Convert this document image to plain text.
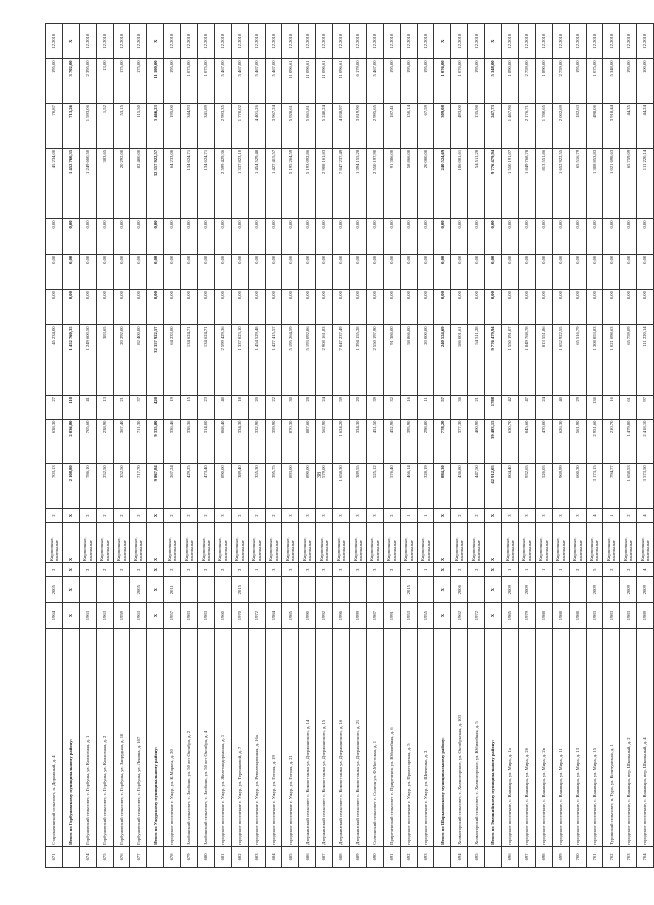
671	Старокачинский сельсовет, п. Дорожный, д. 4	1964	2005	2	Кирпичные, панельные	2	703,13	638,30	27	45 234,00	0,00	0,00	0,00	45 234,00	70,87	195,00	12.2018
	Итого по Горбуновскому муниципальному району:	X	X	X	X	X	2 108,80	2 036,80	110	1 452 760,35	0,00	0,00	0,00	1 452 760,35	713,26	3 702,00	X
674	Горбуновский сельсовет, с. Горбуны, ул. Колхозная, д. 1	1963		2	Кирпичные, панельные	2	786,10	705,60	41	1 249 600,50	0,00	0,00	0,00	1 249 600,50	1 593,06	2 395,00	12.2018
675	Горбуновский сельсовет, с. Горбуны, ул. Колхозная, д. 2	1963		2	Кирпичные, панельные	2	252,50	238,90	13	383,65	0,00	0,00	0,00	383,65	1,52	13,00	12.2018
676	Горбуновский сельсовет, с. Горбуны, ул. Запрудная, д. 10	1959		2	Кирпичные, панельные	2	352,50	367,40	21	20 292,00	0,00	0,00	0,00	20 292,00	53,15	175,00	12.2018
677	Горбуновский сельсовет, с. Горбуны, ул. Ленина, д. 107	1963	2005	2	Кирпичные, панельные	2	717,70	711,30	37	82 400,00	0,00	0,00	0,00	82 400,00	115,50	175,00	12.2018
	Итого по Ужурскому муниципальному району:	X	X	X	X	X	9 867,84	9 335,80	420	32 357 922,57	0,00	0,00	0,00	32 357 922,57	3 466,23	11 100,00	X
678	городское поселение г. Ужур, ул. К.Маркса, д. 20	1957	2011	2	Кирпичные, панельные	2	267,24	336,46	19	64 233,00	0,00	0,00	0,00	64 233,00	195,00	195,00	12.2018
679	Злобинский сельсовет, с. Злобино, ул. 50 лет Октября, д. 2	1983		2	Кирпичные, панельные	2	429,25	338,36	15	134 624,71	0,00	0,00	0,00	134 624,71	344,93	1 075,00	12.2018
680	Злобинский сельсовет, с. Злобино, ул. 50 лет Октября, д. 4	1983		2	Кирпичные, панельные	2	473,40	314,00	23	134 624,71	0,00	0,00	0,00	134 624,71	341,89	1 075,00	12.2018
681	городское поселение г. Ужур, ул. Железнодорожная, д. 1	1960		2	Кирпичные, панельные	3	890,00	868,40	40	2 599 429,36	0,00	0,00	0,00	2 599 429,36	2 993,35	5 467,00	12.2018
682	городское поселение г. Ужур, ул. Терешковой, д. 7	1970	2015	2	Кирпичные, панельные	2	389,40	334,30	18	1 337 823,10	0,00	0,00	0,00	1 337 823,10	1 770,02	5 467,00	12.2018
683	городское поселение г. Ужур, ул. Революционная, д. 16а	1972		1	Кирпичные, панельные	2	355,30	332,90	20	1 454 529,48	0,00	0,00	0,00	1 454 529,48	4 401,26	5 467,00	12.2018
684	городское поселение г. Ужур, ул. Гоголя, д. 19	1984		3	Кирпичные, панельные	2	395,75	359,90	22	1 427 415,57	0,00	0,00	0,00	1 427 415,57	3 967,24	5 467,00	12.2018
685	городское поселение г. Ужур, ул. Гоголя, д. 21	1985		3	Кирпичные, панельные	3	893,00	870,30	30	5 195 264,59	0,00	0,00	0,00	5 195 264,59	5 928,61	11 096,61	12.2018
686	Дзержинский сельсовет с. Компоттанка ул. Дзержинского, д. 14	1990		3	Кирпичные, панельные	3	890,00	887,60	28	5 193 092,86	0,00	0,00	0,00	5 193 092,86	5 861,81	11 096,61	12.2018
687	Дзержинский сельсовет с. Компоттанка ул. Дзержинского, д. 15	1992		3	Кирпичные, панельные	3	579,00	562,90	24	2 908 161,83	0,00	0,00	0,00	2 908 161,83	5 240,24	11 096,61	12.2018
688	Дзержинский сельсовет с. Компоттанка ул. Дзержинского, д. 16	1996		3	Кирпичные, панельные	3	1 658,30	1 624,20	59	7 847 237,49	0,00	0,00	0,00	7 847 237,49	4 838,97	11 096,61	12.2018
689	Дзержинский сельсовет с. Компоттанка ул. Дзержинского, д. 21	1999		3	Кирпичные, панельные	3	389,55	334,30	20	1 394 155,28	0,00	0,00	0,00	1 394 155,28	3 819,90	6 179,00	12.2018
690	Солгонский сельсовет с. Солгон ул. Ф.Мостовая, д. 1	1987		3	Кирпичные, панельные	3	525,12	451,50	39	2 550 197,90	0,00	0,00	0,00	2 550 197,90	2 995,65	5 467,00	12.2018
691	Приреченский сельсовет с. Приреченск ул. Юбилейная, д. 6	1991		2	Кирпичные, панельные	2	576,40	452,90	32	91 386,00	0,00	0,00	0,00	91 386,00	187,41	195,00	12.2018
692	городское поселение г. Ужур, ул. Пролетарская, д. 5	1953	2015	1	Кирпичные, панельные	1	466,14	395,90	16	58 866,00	0,00	0,00	0,00	58 866,00	150,14	195,00	12.2018
693	городское поселение г. Ужур, ул. Шевченко, д. 3	1955		1	Кирпичные, панельные	1	328,19	298,80	11	20 000,00	0,00	0,00	0,00	20 000,00	67,59	195,00	12.2018
	Итого по Шарыповскому муниципальному району:	X	X	X	X	X	884,30	778,20	57	240 524,69	0,00	0,00	0,00	240 524,69	309,08	1 076,00	X
694	Холмогорский сельсовет, с. Холмогорское, ул. Октябрьская, д. 103	1962	2006	2	Кирпичные, панельные	2	436,80	377,30	36	186 001,61	0,00	0,00	0,00	186 001,61	493,00	1 076,00	12.2018
695	Холмогорский сельсовет, с. Холмогорское, ул. Юбилейная, д. 5	1972		2	Кирпичные, панельные	2	447,50	400,90	21	54 511,28	0,00	0,00	0,00	54 511,28	135,98	195,00	12.2018
	Итого по Эвенкийскому муниципальному району:	X	X	X	X	X	42 912,05	39 483,15	1788	9 776 479,94	0,00	0,00	0,00	9 776 479,94	247,73	5 348,00	X
696	городское поселение, с. Ванавара, ул. Мира, д. 1а	1985	2009	1	Кирпичные, панельные	3	804,40	630,70	42	1 550 191,07	0,00	0,00	0,00	1 550 191,07	1 467,90	1 890,00	12.2018
697	городское поселение, с. Ванавара, ул. Мира, д. 2б	1979	2009	1	Кирпичные, панельные	3	932,65	845,60	47	1 849 768,78	0,00	0,00	0,00	1 849 768,78	2 176,71	2 759,00	12.2018
698	городское поселение, с. Ванавара, ул. Мира, д. 2в	1988		1	Кирпичные, панельные	3	526,05	470,00	24	813 551,86	0,00	0,00	0,00	813 551,86	1 780,65	1 890,00	12.2018
699	городское поселение, с. Ванавара, ул. Мира, д. 11	1988		1	Кирпичные, панельные	3	969,99	626,30	40	1 652 922,55	0,00	0,00	0,00	1 652 922,55	2 002,69	2 759,00	12.2018
700	городское поселение, с. Ванавара, ул. Мира, д. 13	1988		2	Кирпичные, панельные	3	660,30	561,90	29	65 516,79	0,00	0,00	0,00	65 516,79	182,63	195,00	12.2018
701	городское поселение, с. Ванавара, ул. Мира, д. 15	1983	2009	5	Кирпичные, панельные	4	3 173,15	2 951,60	136	1 308 853,83	0,00	0,00	0,00	1 308 853,83	498,06	1 075,00	12.2018
702	Туринский сельсовет, п. Тура, ул. Кочечумская, д. 1	1983		2	Кирпичные, панельные	1	794,77	210,70	16	1 021 698,63	0,00	0,00	0,00	1 021 698,63	3 918,44	5 348,00	12.2018
703	городское поселение, с. Ванавара, пер. Школьный, д. 2	1983	2009	2	Кирпичные, панельные	2	1 658,53	1 479,80	61	65 759,09	0,00	0,00	0,00	65 759,09	44,35	195,00	12.2018
704	городское поселение, с. Ванавара, пер. Школьный, д. 4	1989	2009	4	Кирпичные, панельные	4	3 573,50	2 418,10	97	111 220,14	0,00	0,00	0,00	111 220,14	44,24	100,00	12.2018
38
